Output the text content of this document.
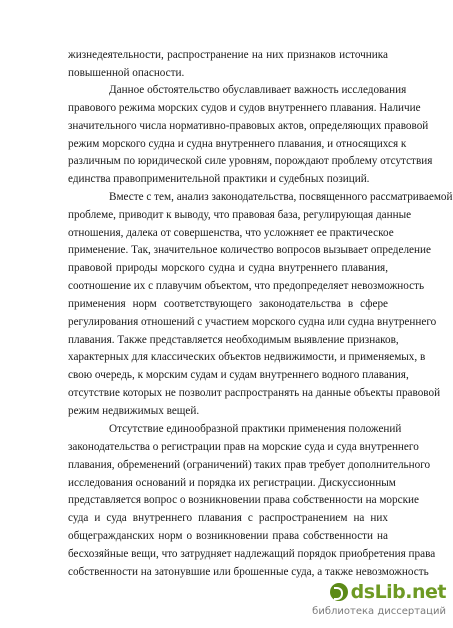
жизнедеятельности, распространение на них признаков источника
повышенной опасности.
Данное обстоятельство обуславливает важность исследования
правового режима морских судов и судов внутреннего плавания. Наличие
значительного числа нормативно-правовых актов, определяющих правовой
режим морского судна и судна внутреннего плавания, и относящихся к
различным по юридической силе уровням, порождают проблему отсутствия
единства правоприменительной практики и судебных позиций.
Вместе с тем, анализ законодательства, посвященного рассматриваемой
проблеме, приводит к выводу, что правовая база, регулирующая данные
отношения, далека от совершенства, что усложняет ее практическое
применение. Так, значительное количество вопросов вызывает определение
правовой природы морского судна и судна внутреннего плавания,
соотношение их с плавучим объектом, что предопределяет невозможность
применения норм соответствующего законодательства в сфере
регулирования отношений с участием морского судна или судна внутреннего
плавания. Также представляется необходимым выявление признаков,
характерных для классических объектов недвижимости, и применяемых, в
свою очередь, к морским судам и судам внутреннего водного плавания,
отсутствие которых не позволит распространять на данные объекты правовой
режим недвижимых вещей.
Отсутствие единообразной практики применения положений
законодательства о регистрации прав на морские суда и суда внутреннего
плавания, обременений (ограничений) таких прав требует дополнительного
исследования оснований и порядка их регистрации. Дискуссионным
представляется вопрос о возникновении права собственности на морские
суда и суда внутреннего плавания с распространением на них
общегражданских норм о возникновении права собственности на
бесхозяйные вещи, что затрудняет надлежащий порядок приобретения права
собственности на затонувшие или брошенные суда, а также невозможность
dsLib.net
библиотека диссертаций
